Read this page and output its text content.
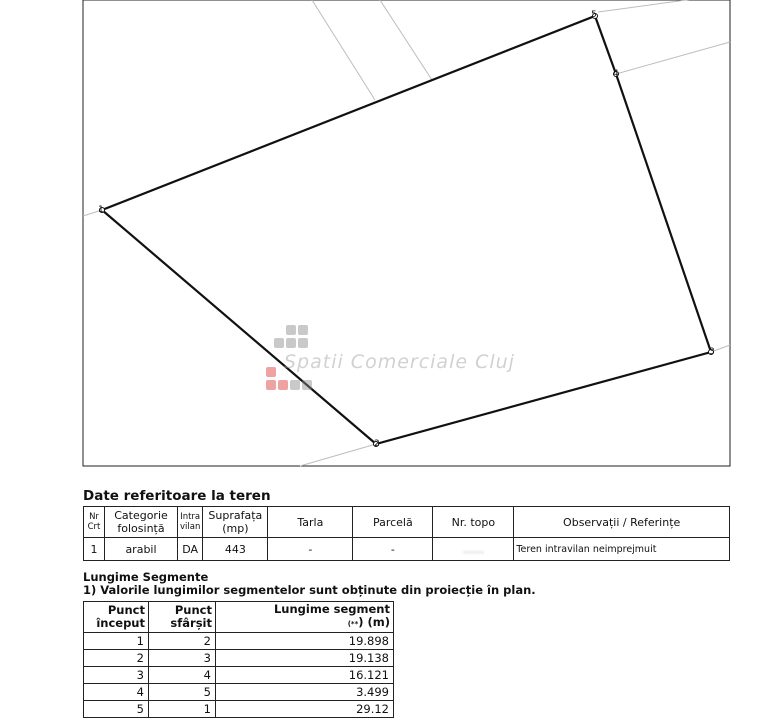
1
2
3
4
5
Spatii Comerciale Cluj
Date referitoare la teren
Nr Crt	Categorie folosință	Intra vilan	Suprafața (mp)	Tarla	Parcelă	Nr. topo	Observații / Referințe
1	arabil	DA	443	-	-	......	Teren intravilan neimprejmuit
Lungime Segmente
1) Valorile lungimilor segmentelor sunt obținute din proiecție în plan.
Punct început	Punct sfârșit	Lungime segment
(**) (m)

1	2	19.898
2	3	19.138
3	4	16.121
4	5	3.499
5	1	29.12
